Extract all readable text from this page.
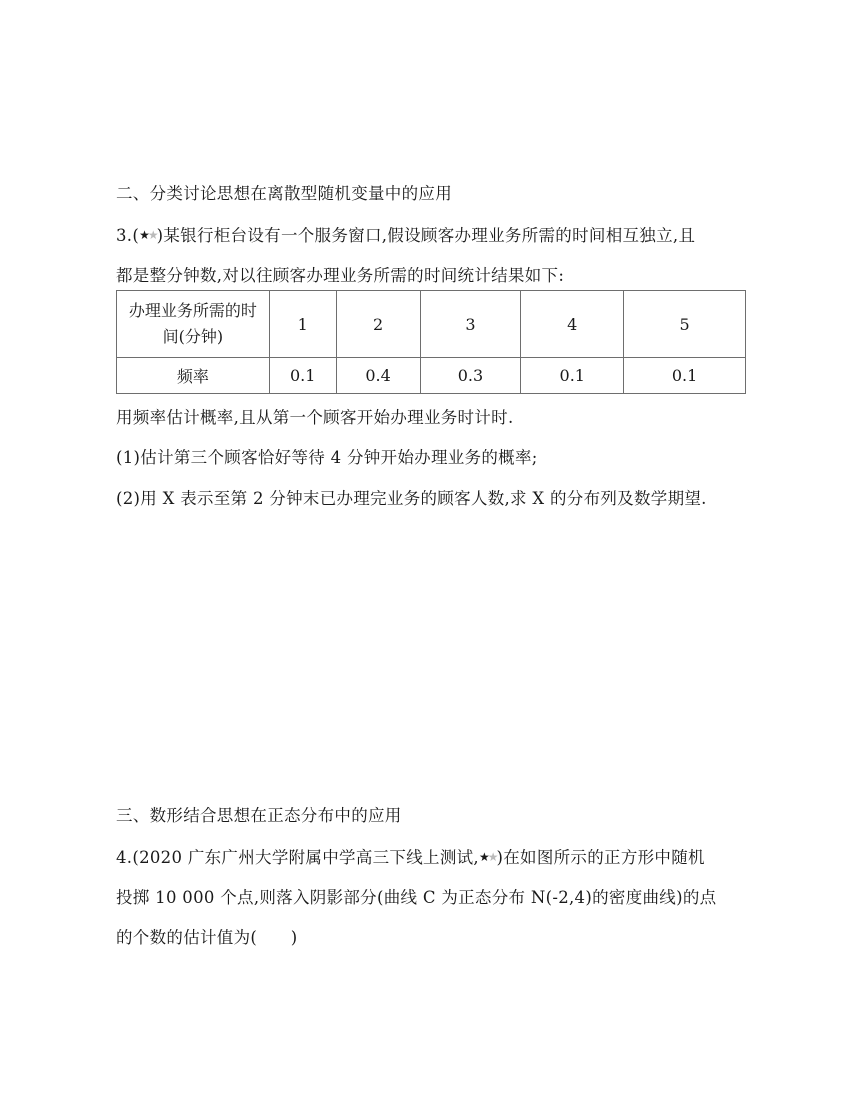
二、分类讨论思想在离散型随机变量中的应用
3.(★★)某银行柜台设有一个服务窗口,假设顾客办理业务所需的时间相互独立,且
都是整分钟数,对以往顾客办理业务所需的时间统计结果如下:
办理业务所需的时
间(分钟)	1	2	3	4	5
频率	0.1	0.4	0.3	0.1	0.1
用频率估计概率,且从第一个顾客开始办理业务时计时.
(1)估计第三个顾客恰好等待 4 分钟开始办理业务的概率;
(2)用 X 表示至第 2 分钟末已办理完业务的顾客人数,求 X 的分布列及数学期望.
三、数形结合思想在正态分布中的应用
4.(2020 广东广州大学附属中学高三下线上测试,★★)在如图所示的正方形中随机
投掷 10 000 个点,则落入阴影部分(曲线 C 为正态分布 N(-2,4)的密度曲线)的点
的个数的估计值为(　　)
